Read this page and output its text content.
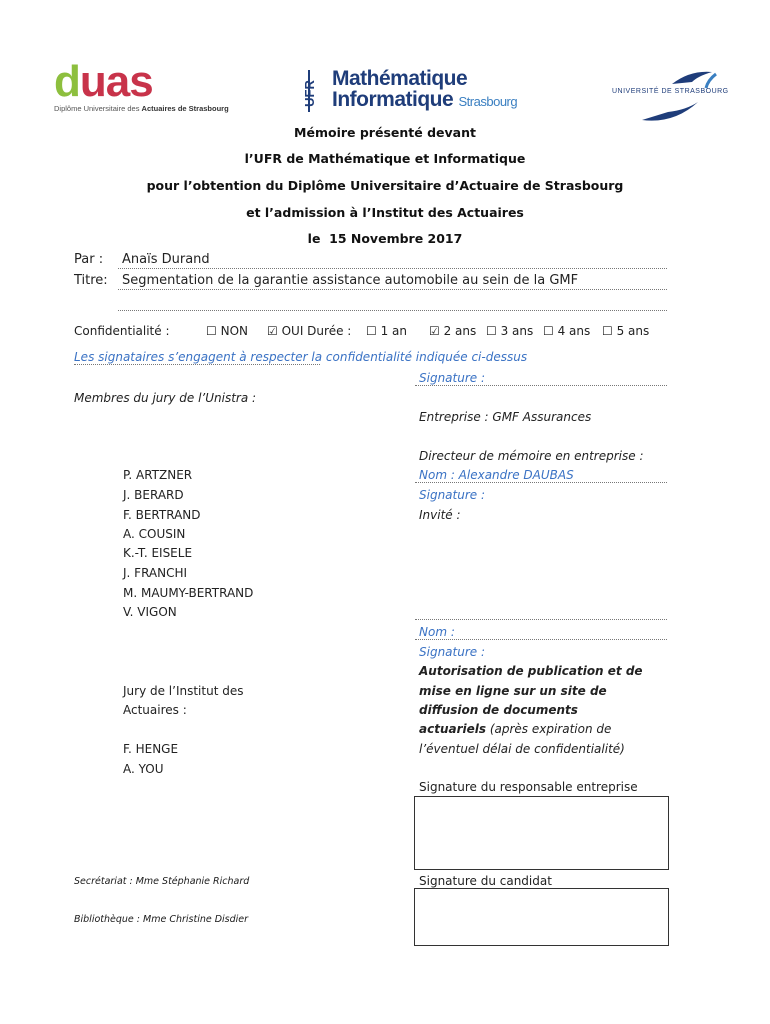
duas
Diplôme Universitaire des Actuaires de Strasbourg
UFR
Mathématique
Informatique Strasbourg
UNIVERSITÉ DE STRASBOURG
Mémoire présenté devant
l’UFR de Mathématique et Informatique
pour l’obtention du Diplôme Universitaire d’Actuaire de Strasbourg
et l’admission à l’Institut des Actuaires
le 15 Novembre 2017
Par : Anaïs Durand
Titre: Segmentation de la garantie assistance automobile au sein de la GMF
Confidentialité :	☐ NON ☑ OUI Durée : ☐ 1 an ☑ 2 ans ☐ 3 ans ☐ 4 ans ☐ 5 ans
Les signataires s’engagent à respecter la confidentialité indiquée ci-dessus
Signature :
Membres du jury de l’Unistra :
Entreprise : GMF Assurances
Directeur de mémoire en entreprise :
Nom : Alexandre DAUBAS
Signature :
Invité :
P. ARTZNER
J. BERARD
F. BERTRAND
A. COUSIN
K.-T. EISELE
J. FRANCHI
M. MAUMY-BERTRAND
V. VIGON
Nom :
Signature :
Autorisation de publication et de
mise en ligne sur un site de
diffusion de documents
actuariels (après expiration de
l’éventuel délai de confidentialité)
Jury de l’Institut des
Actuaires :
F. HENGE
A. YOU
Signature du responsable entreprise
Signature du candidat
Secrétariat : Mme Stéphanie Richard
Bibliothèque : Mme Christine Disdier
